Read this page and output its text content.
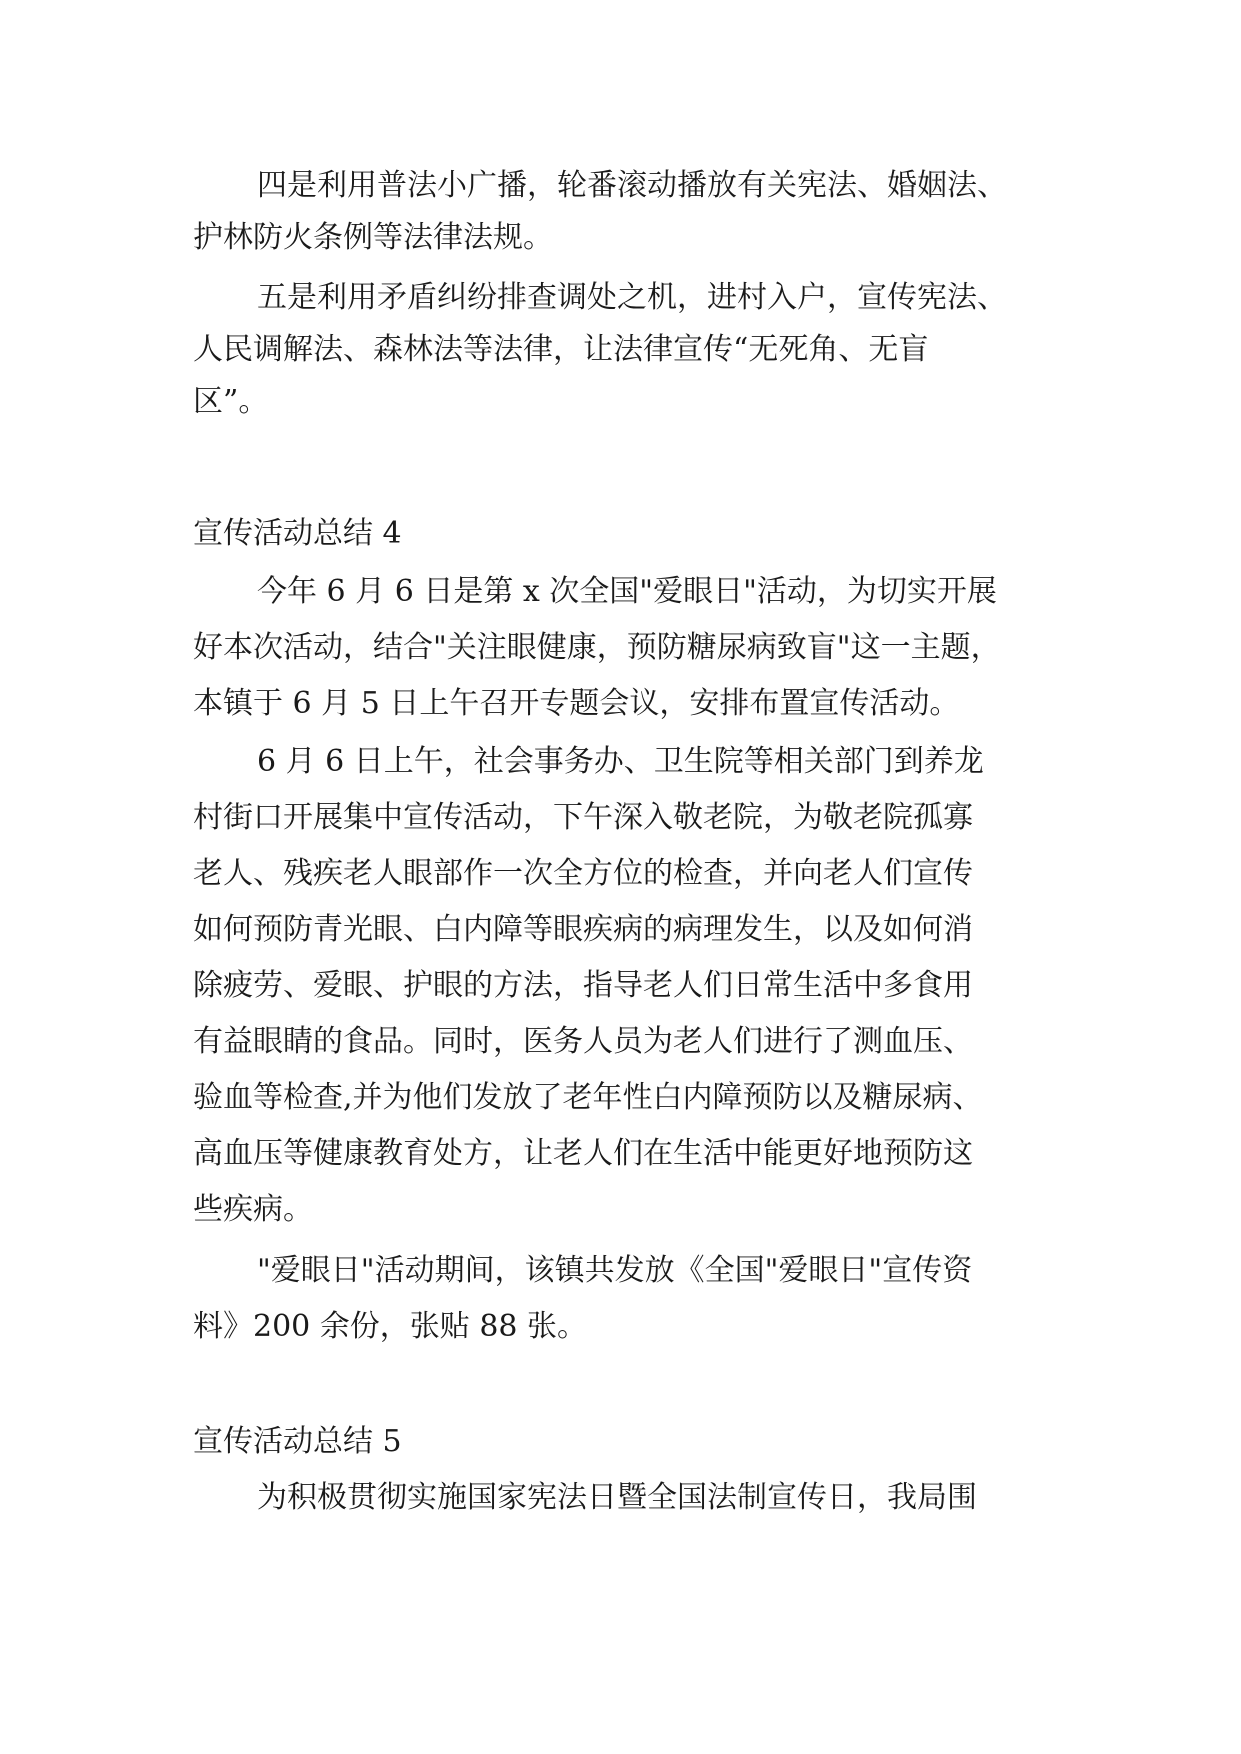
四是利用普法小广播，轮番滚动播放有关宪法、婚姻法、
护林防火条例等法律法规。
五是利用矛盾纠纷排查调处之机，进村入户，宣传宪法、
人民调解法、森林法等法律，让法律宣传“无死角、无盲
区”。
宣传活动总结 4
今年 6 月 6 日是第 x 次全国"爱眼日"活动，为切实开展
好本次活动，结合"关注眼健康，预防糖尿病致盲"这一主题，
本镇于 6 月 5 日上午召开专题会议，安排布置宣传活动。
6 月 6 日上午，社会事务办、卫生院等相关部门到养龙
村街口开展集中宣传活动，下午深入敬老院，为敬老院孤寡
老人、残疾老人眼部作一次全方位的检查，并向老人们宣传
如何预防青光眼、白内障等眼疾病的病理发生，以及如何消
除疲劳、爱眼、护眼的方法，指导老人们日常生活中多食用
有益眼睛的食品。同时，医务人员为老人们进行了测血压、
验血等检查,并为他们发放了老年性白内障预防以及糖尿病、
高血压等健康教育处方，让老人们在生活中能更好地预防这
些疾病。
"爱眼日"活动期间，该镇共发放《全国"爱眼日"宣传资
料》200 余份，张贴 88 张。
宣传活动总结 5
为积极贯彻实施国家宪法日暨全国法制宣传日，我局围
